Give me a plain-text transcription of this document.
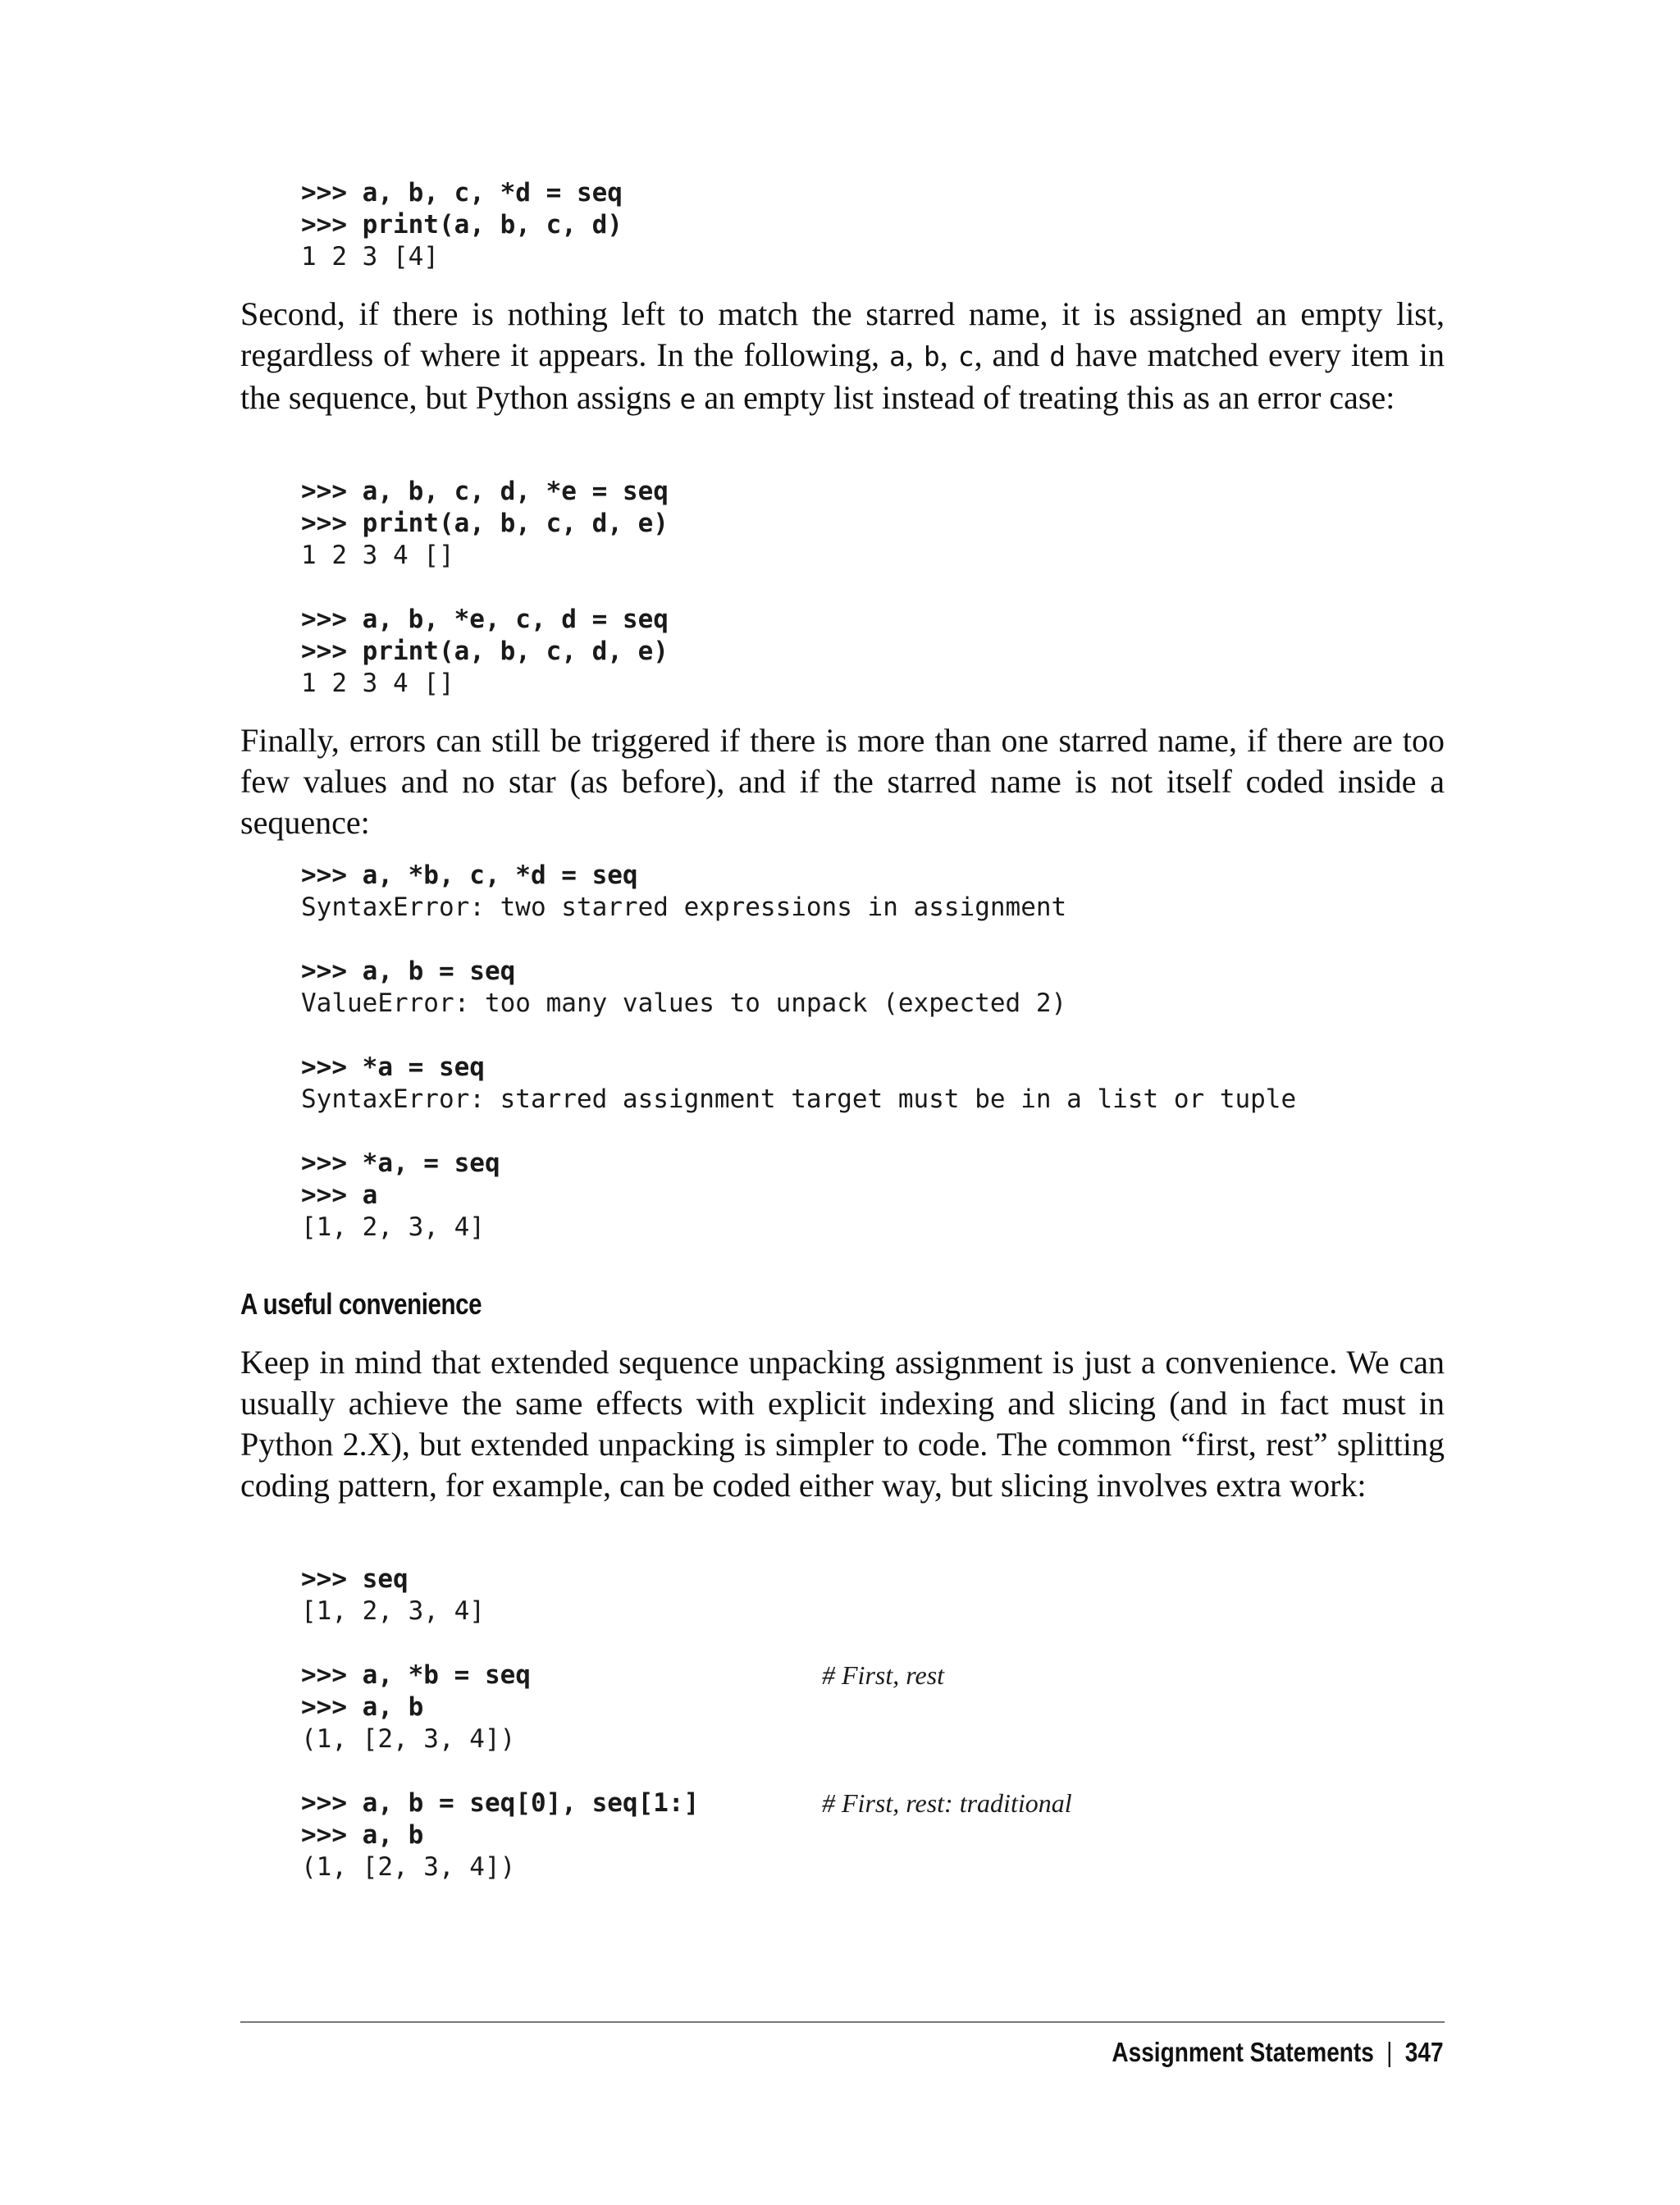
>>> a, b, c, *d = seq
>>> print(a, b, c, d)
1 2 3 [4]

Second, if there is nothing left to match the starred name, it is assigned an empty list, regardless of where it appears. In the following, a, b, c, and d have matched every item in the sequence, but Python assigns e an empty list instead of treating this as an error case:

>>> a, b, c, d, *e = seq
>>> print(a, b, c, d, e)
1 2 3 4 []
>>> a, b, *e, c, d = seq
>>> print(a, b, c, d, e)
1 2 3 4 []

Finally, errors can still be triggered if there is more than one starred name, if there are too few values and no star (as before), and if the starred name is not itself coded inside a sequence:

>>> a, *b, c, *d = seq
SyntaxError: two starred expressions in assignment
>>> a, b = seq
ValueError: too many values to unpack (expected 2)
>>> *a = seq
SyntaxError: starred assignment target must be in a list or tuple
>>> *a, = seq
>>> a
[1, 2, 3, 4]
A useful convenience

Keep in mind that extended sequence unpacking assignment is just a convenience. We can usually achieve the same effects with explicit indexing and slicing (and in fact must in Python 2.X), but extended unpacking is simpler to code. The common “first, rest” splitting coding pattern, for example, can be coded either way, but slicing involves extra work:

>>> seq
[1, 2, 3, 4]
>>> a, *b = seq	# First, rest
>>> a, b
(1, [2, 3, 4])
>>> a, b = seq[0], seq[1:]	# First, rest: traditional
>>> a, b
(1, [2, 3, 4])
Assignment Statements | 347
